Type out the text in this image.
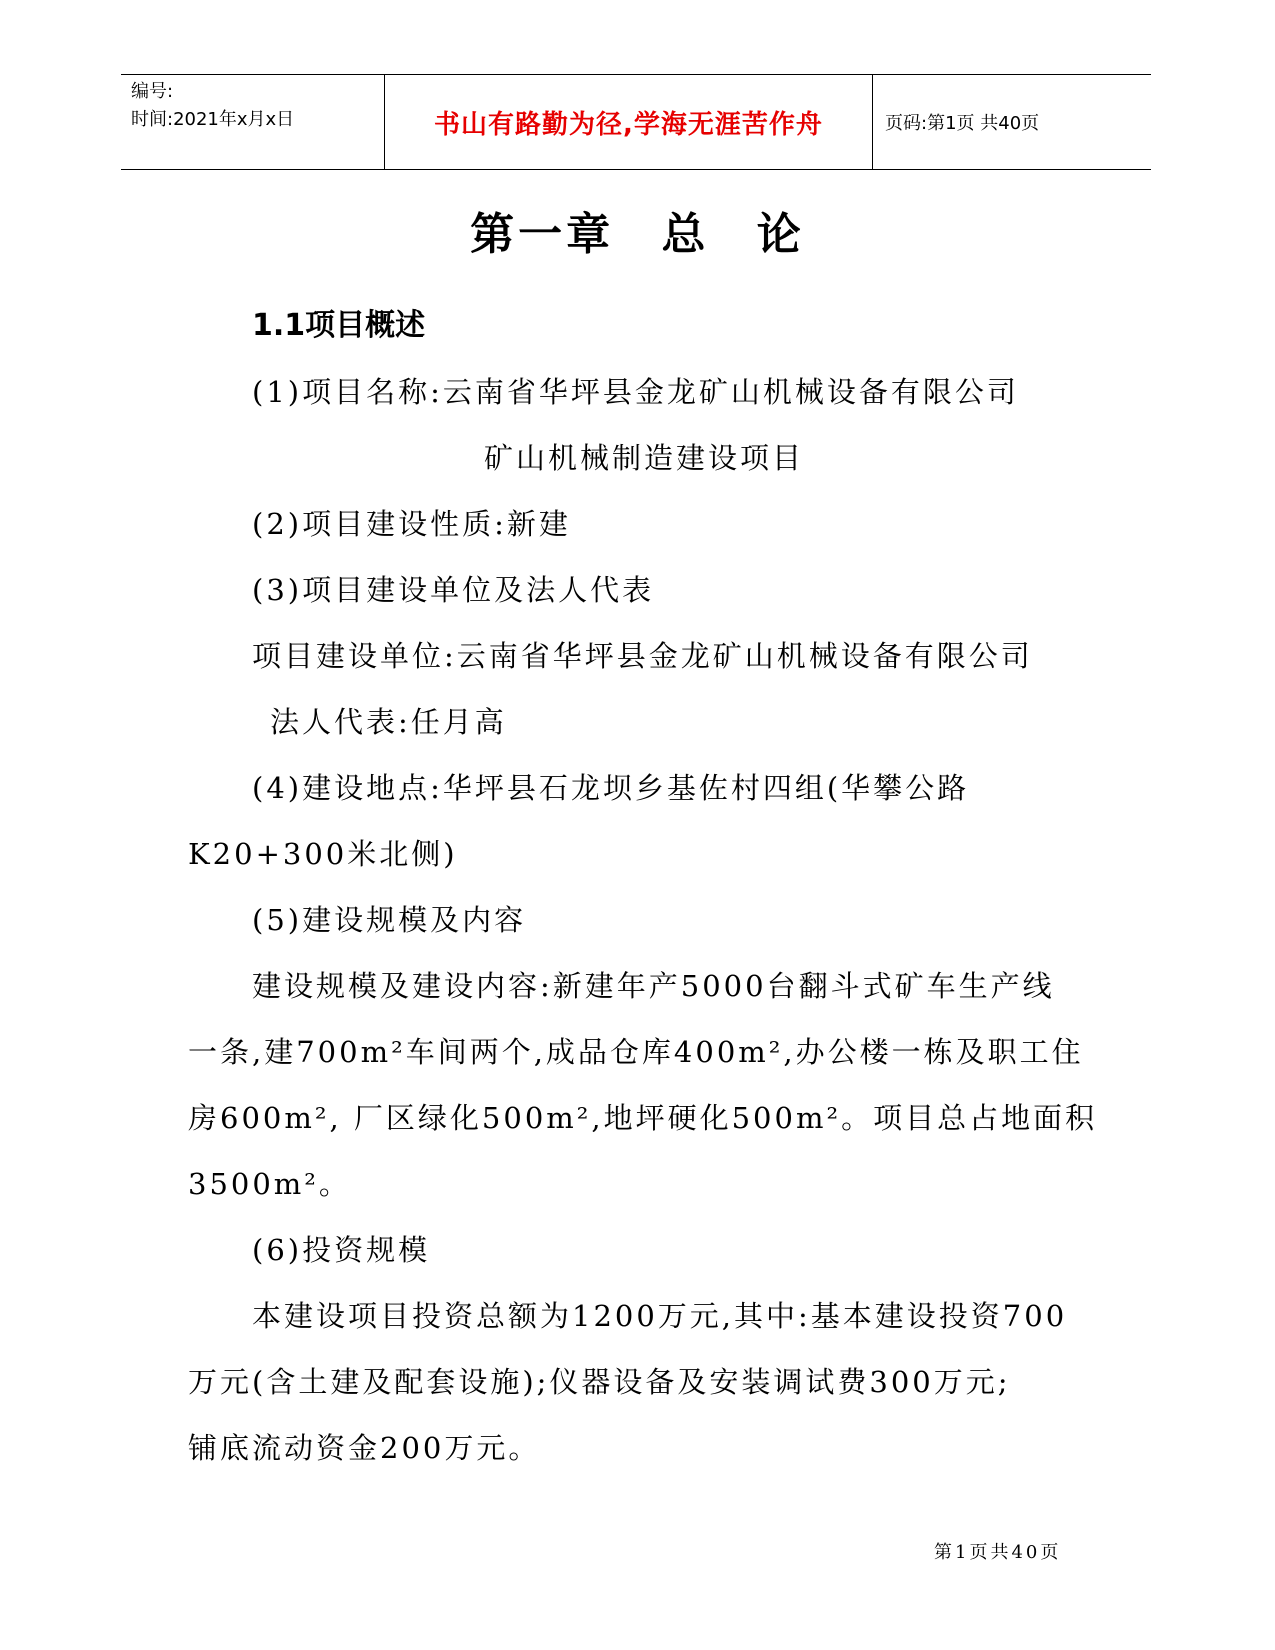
编号:
时间:2021年x月x日	书山有路勤为径,学海无涯苦作舟	页码:第1页 共40页
第一章 总 论
1.1项目概述
(1)项目名称:云南省华坪县金龙矿山机械设备有限公司
矿山机械制造建设项目
(2)项目建设性质:新建
(3)项目建设单位及法人代表
项目建设单位:云南省华坪县金龙矿山机械设备有限公司
法人代表:任月高
(4)建设地点:华坪县石龙坝乡基佐村四组(华攀公路
K20+300米北侧)
(5)建设规模及内容
建设规模及建设内容:新建年产5000台翻斗式矿车生产线
一条,建700m²车间两个,成品仓库400m²,办公楼一栋及职工住
房600m², 厂区绿化500m²,地坪硬化500m²。项目总占地面积
3500m²。
(6)投资规模
本建设项目投资总额为1200万元,其中:基本建设投资700
万元(含土建及配套设施);仪器设备及安装调试费300万元;
铺底流动资金200万元。
第1页共40页
